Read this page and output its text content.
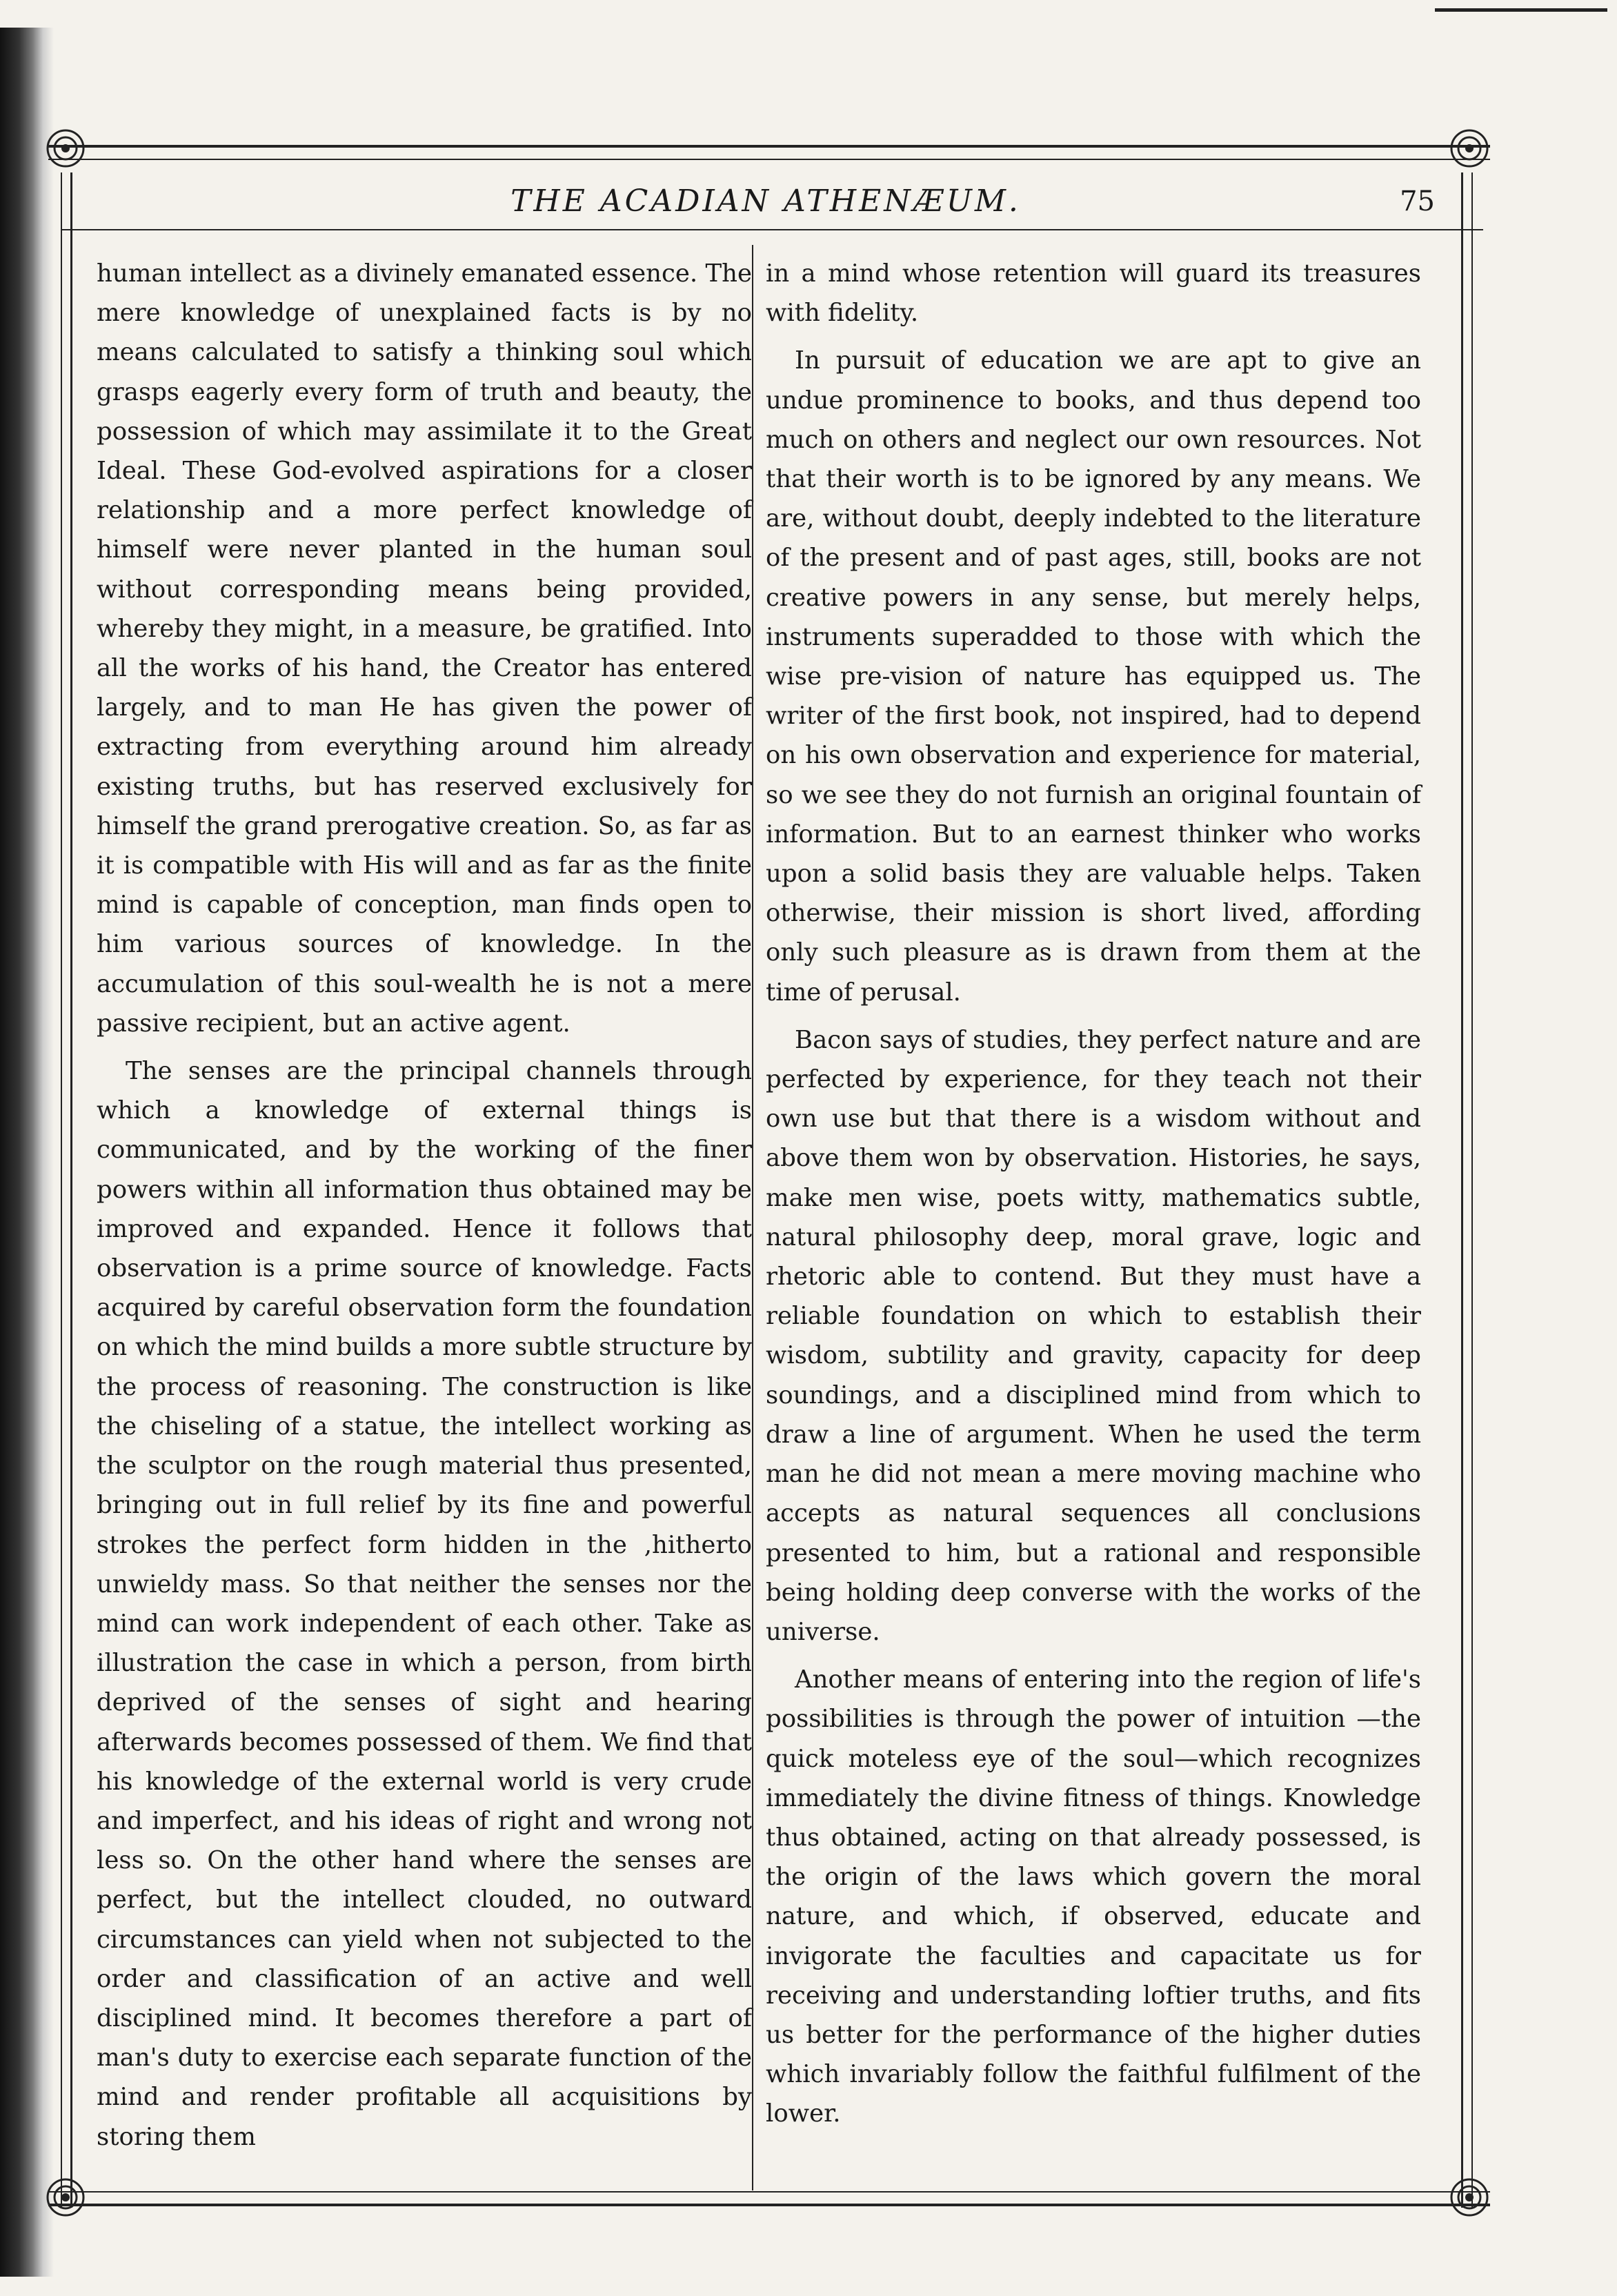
THE ACADIAN ATHENÆUM.	75

human intellect as a divinely emanated essence. The mere knowledge of unexplained facts is by no means calculated to satisfy a thinking soul which grasps eagerly every form of truth and beauty, the possession of which may assimilate it to the Great Ideal. These God-evolved aspirations for a closer relationship and a more perfect knowledge of himself were never planted in the human soul without corresponding means being provided, whereby they might, in a measure, be gratified. Into all the works of his hand, the Creator has entered largely, and to man He has given the power of extracting from everything around him already existing truths, but has reserved exclusively for himself the grand prerogative creation. So, as far as it is compatible with His will and as far as the finite mind is capable of conception, man finds open to him various sources of knowledge. In the accumulation of this soul-wealth he is not a mere passive recipient, but an active agent.

The senses are the principal channels through which a knowledge of external things is communicated, and by the working of the finer powers within all information thus obtained may be improved and expanded. Hence it follows that observation is a prime source of knowledge. Facts acquired by careful observation form the foundation on which the mind builds a more subtle structure by the process of reasoning. The construction is like the chiseling of a statue, the intellect working as the sculptor on the rough material thus presented, bringing out in full relief by its fine and powerful strokes the perfect form hidden in the ,hitherto unwieldy mass. So that neither the senses nor the mind can work independent of each other. Take as illustration the case in which a person, from birth deprived of the senses of sight and hearing afterwards becomes possessed of them. We find that his knowledge of the external world is very crude and imperfect, and his ideas of right and wrong not less so. On the other hand where the senses are perfect, but the intellect clouded, no outward circumstances can yield when not subjected to the order and classification of an active and well disciplined mind. It becomes therefore a part of man's duty to exercise each separate function of the mind and render profitable all acquisitions by storing them

in a mind whose retention will guard its treasures with fidelity.

In pursuit of education we are apt to give an undue prominence to books, and thus depend too much on others and neglect our own resources. Not that their worth is to be ignored by any means. We are, without doubt, deeply indebted to the literature of the present and of past ages, still, books are not creative powers in any sense, but merely helps, instruments superadded to those with which the wise pre-vision of nature has equipped us. The writer of the first book, not inspired, had to depend on his own observation and experience for material, so we see they do not furnish an original fountain of information. But to an earnest thinker who works upon a solid basis they are valuable helps. Taken otherwise, their mission is short lived, affording only such pleasure as is drawn from them at the time of perusal.

Bacon says of studies, they perfect nature and are perfected by experience, for they teach not their own use but that there is a wisdom without and above them won by observation. Histories, he says, make men wise, poets witty, mathematics subtle, natural philosophy deep, moral grave, logic and rhetoric able to contend. But they must have a reliable foundation on which to establish their wisdom, subtility and gravity, capacity for deep soundings, and a disciplined mind from which to draw a line of argument. When he used the term man he did not mean a mere moving machine who accepts as natural sequences all conclusions presented to him, but a rational and responsible being holding deep converse with the works of the universe.

Another means of entering into the region of life's possibilities is through the power of intuition —the quick moteless eye of the soul—which recognizes immediately the divine fitness of things. Knowledge thus obtained, acting on that already possessed, is the origin of the laws which govern the moral nature, and which, if observed, educate and invigorate the faculties and capacitate us for receiving and understanding loftier truths, and fits us better for the performance of the higher duties which invariably follow the faithful fulfilment of the lower.
